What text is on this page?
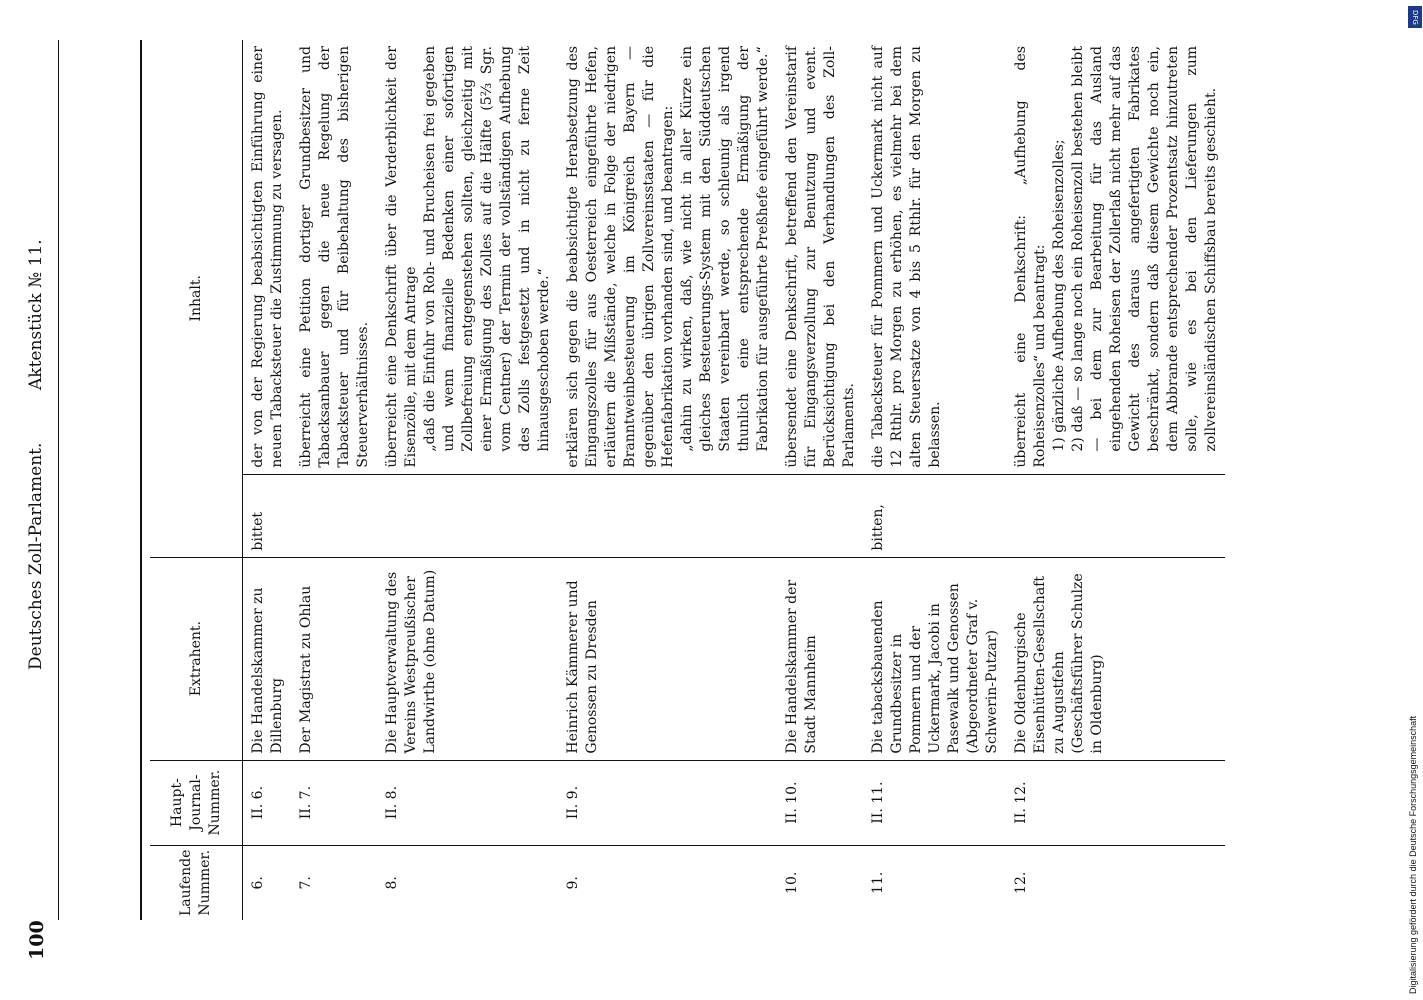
100
Deutsches Zoll-Parlament.
Aktenstück № 11.
Laufende Nummer.	Haupt-Journal-Nummer.	Extrahent.	Inhalt.	
6.	II. 6.	Die Handelskammer zu Dillenburg	bittet	der von der Regierung beabsichtigten Einführung einer neuen Tabacksteuer die Zustimmung zu versagen.

7.	II. 7.	Der Magistrat zu Ohlau		überreicht eine Petition dortiger Grundbesitzer und Tabacksanbauer gegen die neue Regelung der Tabacksteuer und für Beibehaltung des bisherigen Steuerverhältnisses.

8.	II. 8.	Die Hauptverwaltung des Vereins Westpreußischer Landwirthe (ohne Datum)		überreicht eine Denkschrift über die Verderblichkeit der Eisenzölle, mit dem Antrage „daß die Einfuhr von Roh- und Brucheisen frei gegeben und wenn finanzielle Bedenken einer sofortigen Zollbefreiung entgegenstehen sollten, gleichzeitig mit einer Ermäßigung des Zolles auf die Hälfte (5⅔ Sgr. vom Centner) der Termin der vollständigen Aufhebung des Zolls festgesetzt und in nicht zu ferne Zeit hinausgeschoben werde.“

9.	II. 9.	Heinrich Kämmerer und Genossen zu Dresden		erklären sich gegen die beabsichtigte Herabsetzung des Eingangszolles für aus Oesterreich eingeführte Hefen, erläutern die Mißstände, welche in Folge der niedrigen Branntweinbesteuerung im Königreich Bayern — gegenüber den übrigen Zollvereinsstaaten — für die Hefenfabrikation vorhanden sind, und beantragen: „dahin zu wirken, daß, wie nicht in aller Kürze ein gleiches Besteuerungs-System mit den Süddeutschen Staaten vereinbart werde, so schleunig als irgend thunlich eine entsprechende Ermäßigung der Fabrikation für ausgeführte Preßhefe eingeführt werde.“

10.	II. 10.	Die Handelskammer der Stadt Mannheim		übersendet eine Denkschrift, betreffend den Vereinstarif für Eingangsverzollung zur Benutzung und event. Berücksichtigung bei den Verhandlungen des Zoll-Parlaments.

11.	II. 11.	Die tabacksbauenden Grundbesitzer in Pommern und der Uckermark, Jacobi in Pasewalk und Genossen (Abgeordneter Graf v. Schwerin-Putzar)	bitten,	die Tabacksteuer für Pommern und Uckermark nicht auf 12 Rthlr. pro Morgen zu erhöhen, es vielmehr bei dem alten Steuersatze von 4 bis 5 Rthlr. für den Morgen zu belassen.

12.	II. 12.	Die Oldenburgische Eisenhütten-Gesellschaft zu Augustfehn (Geschäftsführer Schulze in Oldenburg)		überreicht eine Denkschrift: „Aufhebung des Roheisenzolles“ und beantragt: 1) gänzliche Aufhebung des Roheisenzolles; 2) daß — so lange noch ein Roheisenzoll bestehen bleibt — bei dem zur Bearbeitung für das Ausland eingehenden Roheisen der Zollerlaß nicht mehr auf das Gewicht des daraus angefertigten Fabrikates beschränkt, sondern daß diesem Gewichte noch ein, dem Abbrande entsprechender Prozentsatz hinzutreten solle, wie es bei den Lieferungen zum zollvereinsländischen Schiffsbau bereits geschieht.
DFG
Digitalisierung gefördert durch die Deutsche Forschungsgemeinschaft
